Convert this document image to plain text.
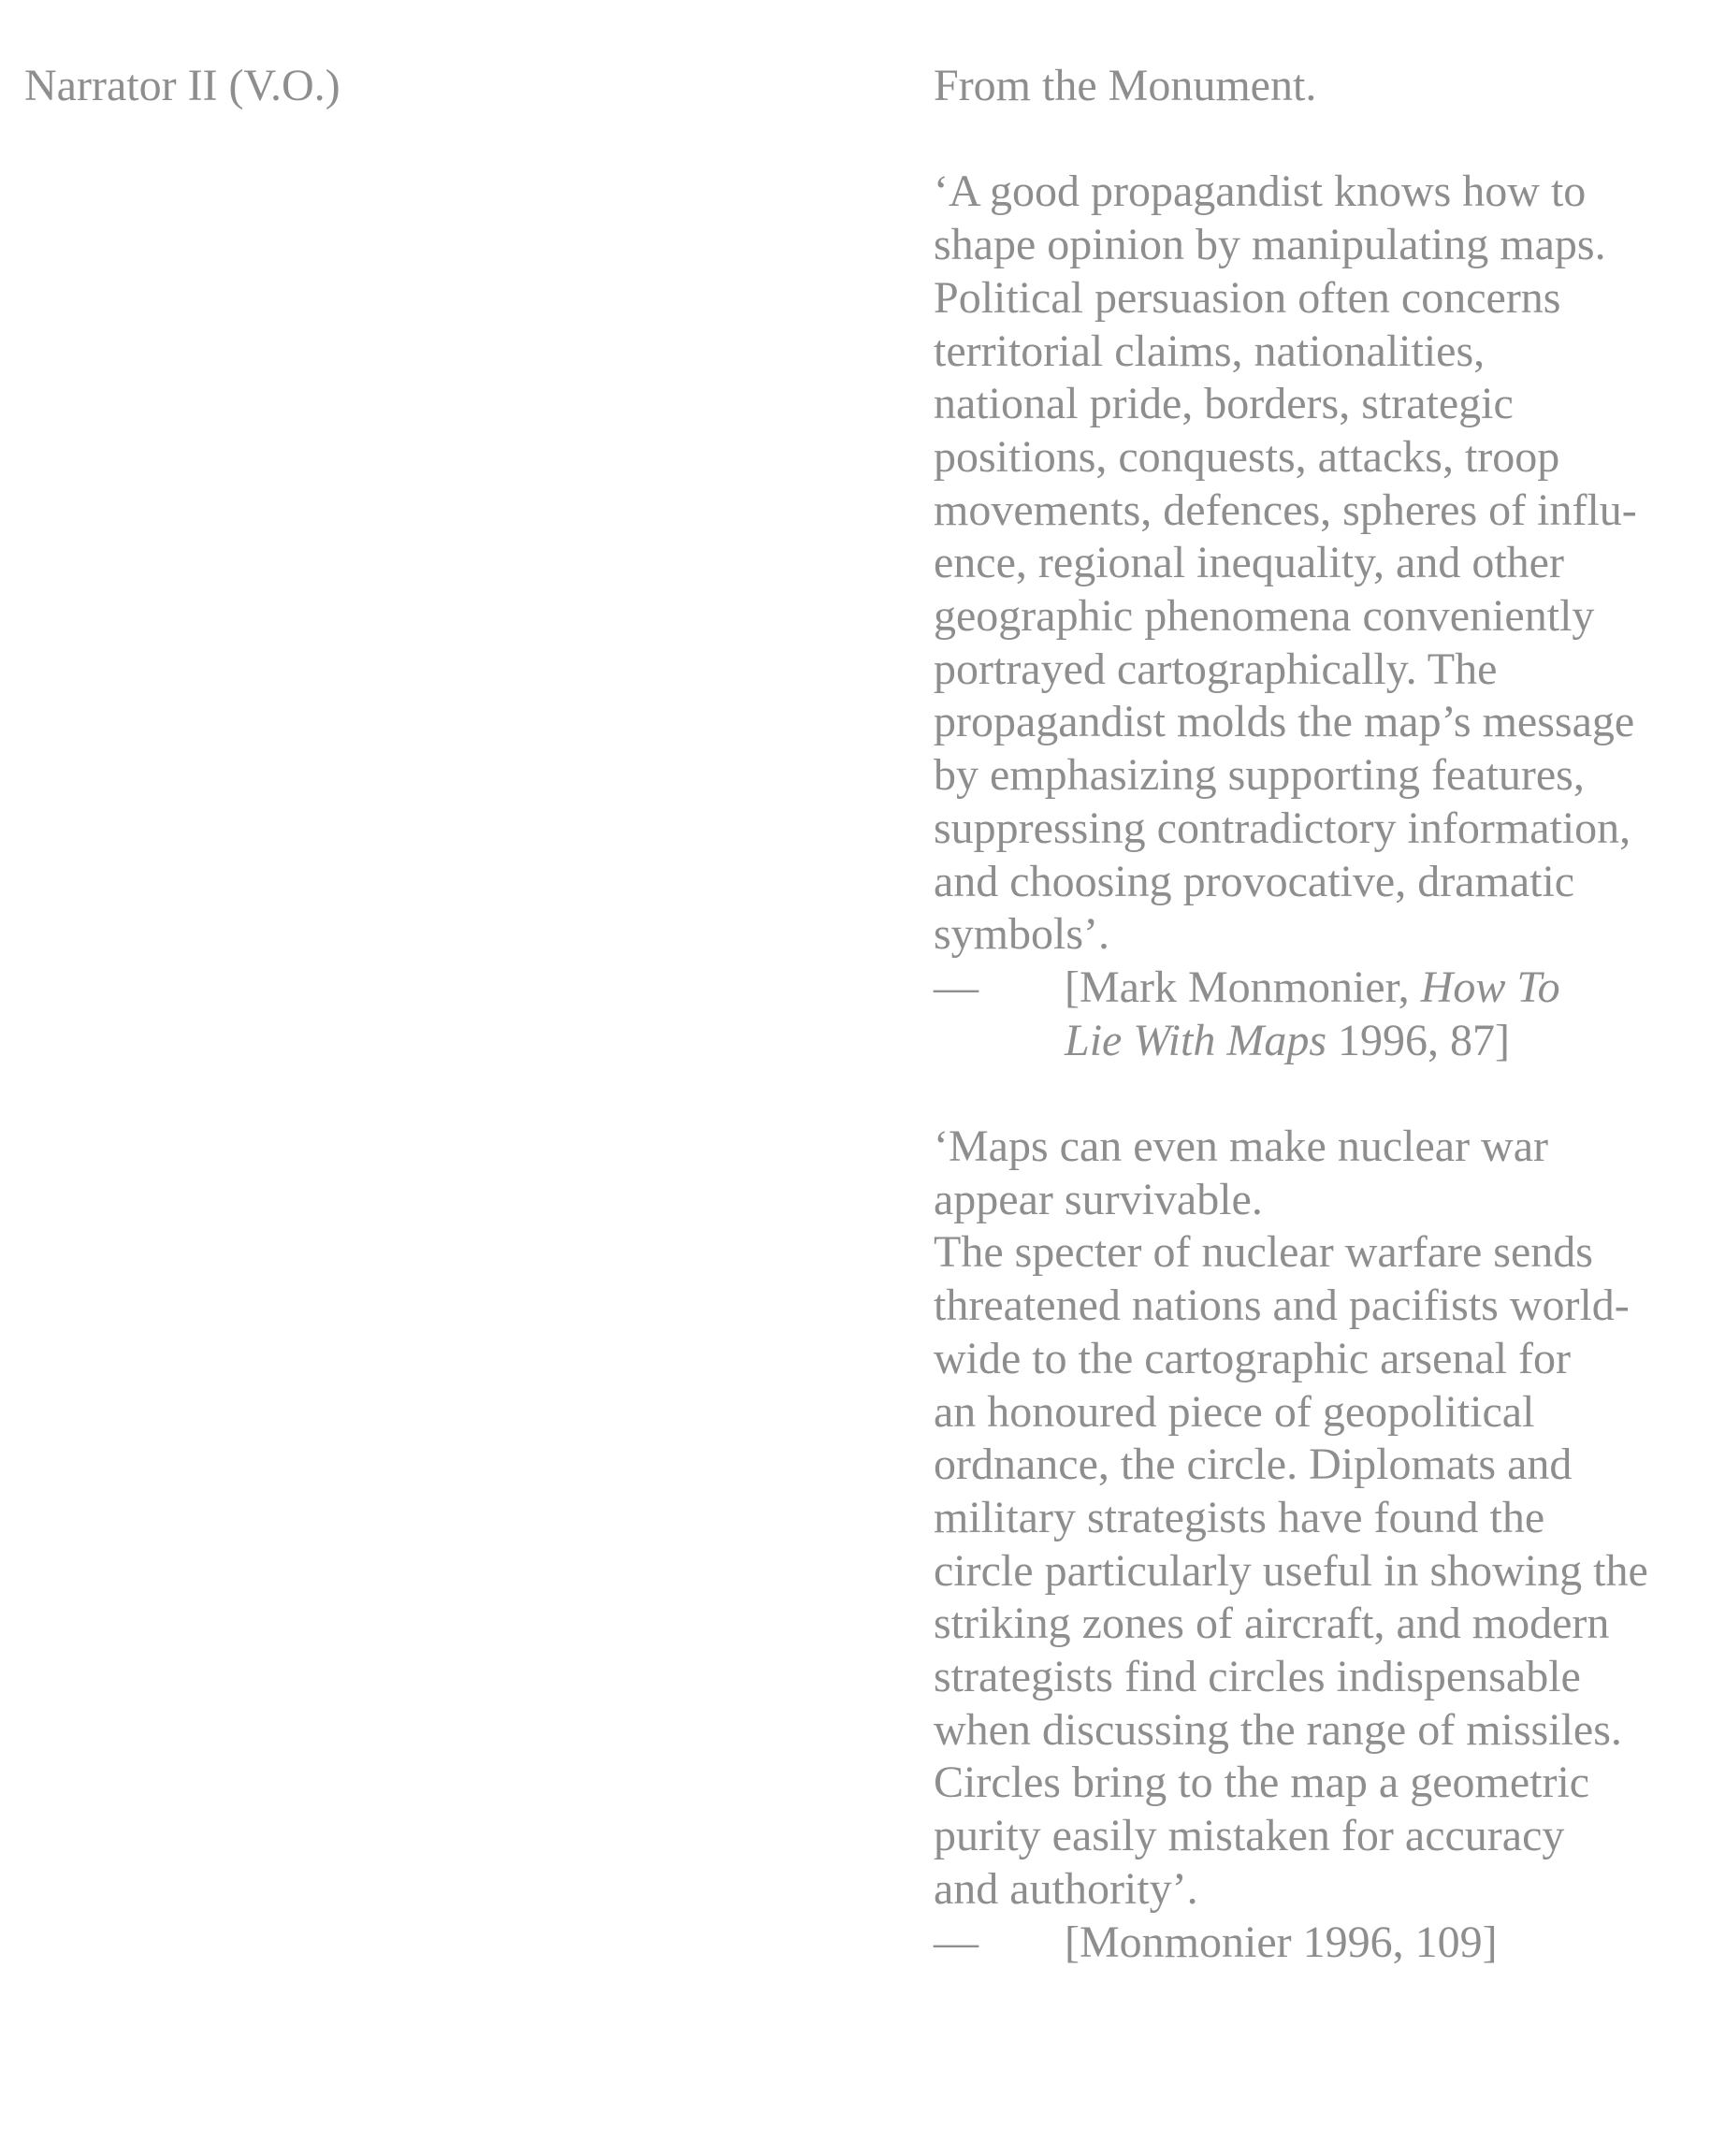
Narrator II (V.O.)	From the Monument.
‘A good propagandist knows how to
shape opinion by manipulating maps.
Political persuasion often concerns
territorial claims, nationalities,
national pride, borders, strategic
positions, conquests, attacks, troop
movements, defences, spheres of influ-
ence, regional inequality, and other
geographic phenomena conveniently
portrayed cartographically. The
propagandist molds the map’s message
by emphasizing supporting features,
suppressing contradictory information,
and choosing provocative, dramatic
symbols’.
— [Mark Monmonier, How To
Lie With Maps 1996, 87]
‘Maps can even make nuclear war
appear survivable.
The specter of nuclear warfare sends
threatened nations and pacifists world-
wide to the cartographic arsenal for
an honoured piece of geopolitical
ordnance, the circle. Diplomats and
military strategists have found the
circle particularly useful in showing the
striking zones of aircraft, and modern
strategists find circles indispensable
when discussing the range of missiles.
Circles bring to the map a geometric
purity easily mistaken for accuracy
and authority’.
— [Monmonier 1996, 109]
